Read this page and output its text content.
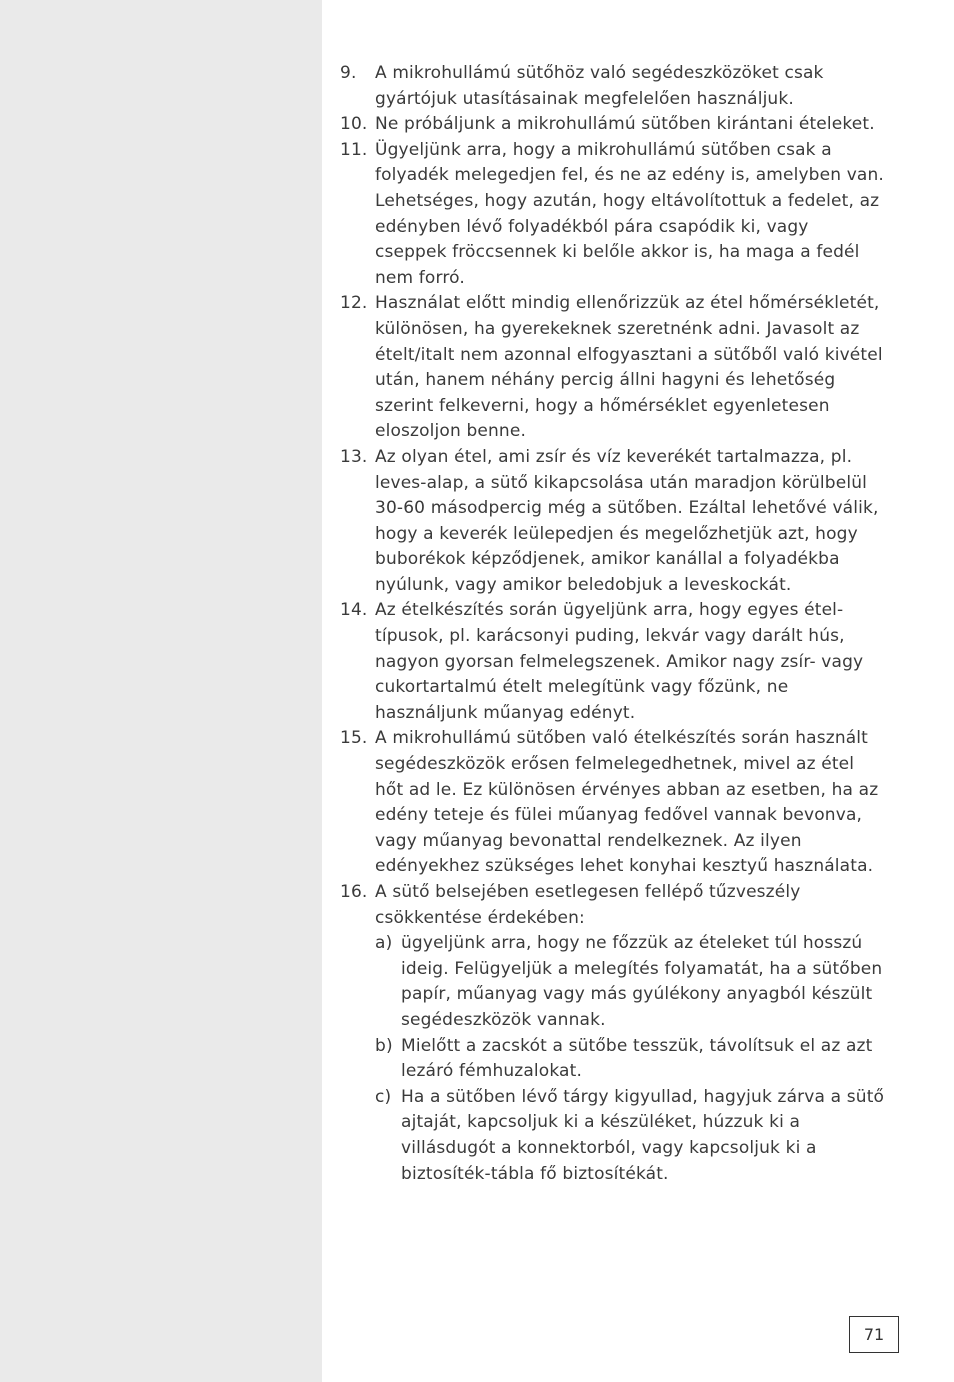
9.	A mikrohullámú sütőhöz való segédeszközöket csak gyártójuk utasításainak megfelelően használjuk.
10. Ne próbáljunk a mikrohullámú sütőben kirántani ételeket.
11. Ügyeljünk arra, hogy a mikrohullámú sütőben csak a folyadék melegedjen fel, és ne az edény is, amelyben van. Lehetséges, hogy azután, hogy eltávolítottuk a fedelet, az edényben lévő folyadékból pára csapódik ki, vagy cseppek fröccsennek ki belőle akkor is, ha maga a fedél nem forró.
12. Használat előtt mindig ellenőrizzük az étel hőmérsékletét, különösen, ha gyerekeknek szeretnénk adni. Javasolt az ételt/italt nem azonnal elfogyasztani a sütőből való kivétel után, hanem néhány percig állni hagyni és lehetőség szerint felkeverni, hogy a hőmérséklet egyenletesen eloszoljon benne.
13. Az olyan étel, ami zsír és víz keverékét tartalmazza, pl. leves-alap, a sütő kikapcsolása után maradjon körülbelül 30-60 másodpercig még a sütőben. Ezáltal lehetővé válik, hogy a keverék leülepedjen és megelőzhetjük azt, hogy buborékok képződjenek, amikor kanállal a folyadékba nyúlunk, vagy amikor beledobjuk a leveskockát.
14. Az ételkészítés során ügyeljünk arra, hogy egyes étel-típusok, pl. karácsonyi puding, lekvár vagy darált hús, nagyon gyorsan felmelegszenek. Amikor nagy zsír- vagy cukortartalmú ételt melegítünk vagy főzünk, ne használjunk műanyag edényt.
15. A mikrohullámú sütőben való ételkészítés során használt segédeszközök erősen felmelegedhetnek, mivel az étel hőt ad le. Ez különösen érvényes abban az esetben, ha az edény teteje és fülei műanyag fedővel vannak bevonva, vagy műanyag bevonattal rendelkeznek. Az ilyen edényekhez szükséges lehet konyhai kesztyű használata.
16. A sütő belsejében esetlegesen fellépő tűzveszély csökkentése érdekében:
a) ügyeljünk arra, hogy ne főzzük az ételeket túl hosszú ideig. Felügyeljük a melegítés folyamatát, ha a sütőben papír, műanyag vagy más gyúlékony anyagból készült segédeszközök vannak.
b) Mielőtt a zacskót a sütőbe tesszük, távolítsuk el az azt lezáró fémhuzalokat.
c) Ha a sütőben lévő tárgy kigyullad, hagyjuk zárva a sütő ajtaját, kapcsoljuk ki a készüléket, húzzuk ki a villásdugót a konnektorból, vagy kapcsoljuk ki a biztosíték-tábla fő biztosítékát.
71
